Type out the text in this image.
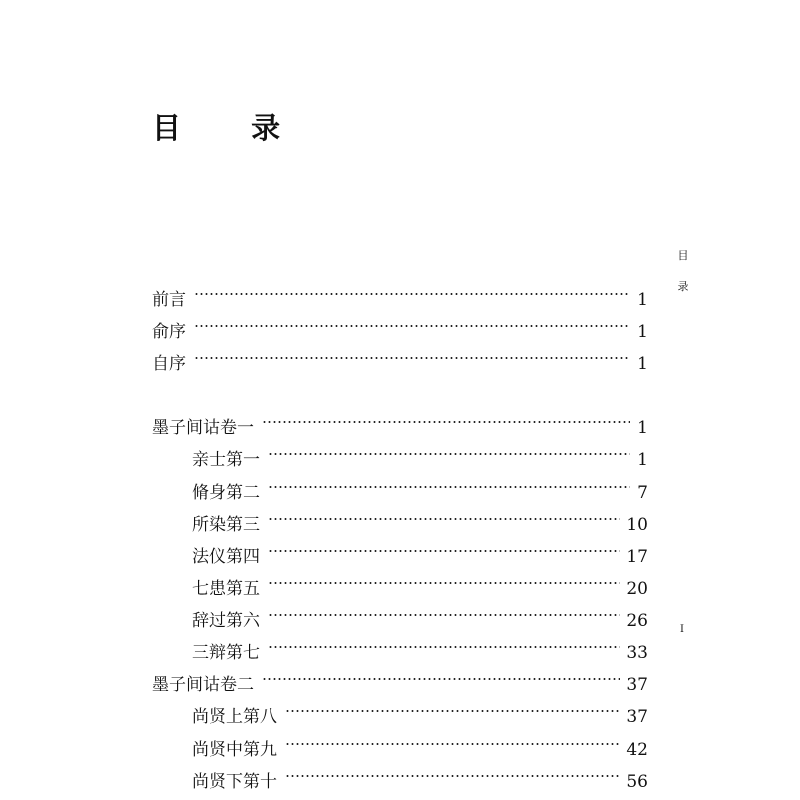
目 录
目
录
I
前言	1
俞序	1
自序	1
墨子间诂卷一	1
亲士第一	1
脩身第二	7
所染第三	10
法仪第四	17
七患第五	20
辞过第六	26
三辩第七	33
墨子间诂卷二	37
尚贤上第八	37
尚贤中第九	42
尚贤下第十	56
